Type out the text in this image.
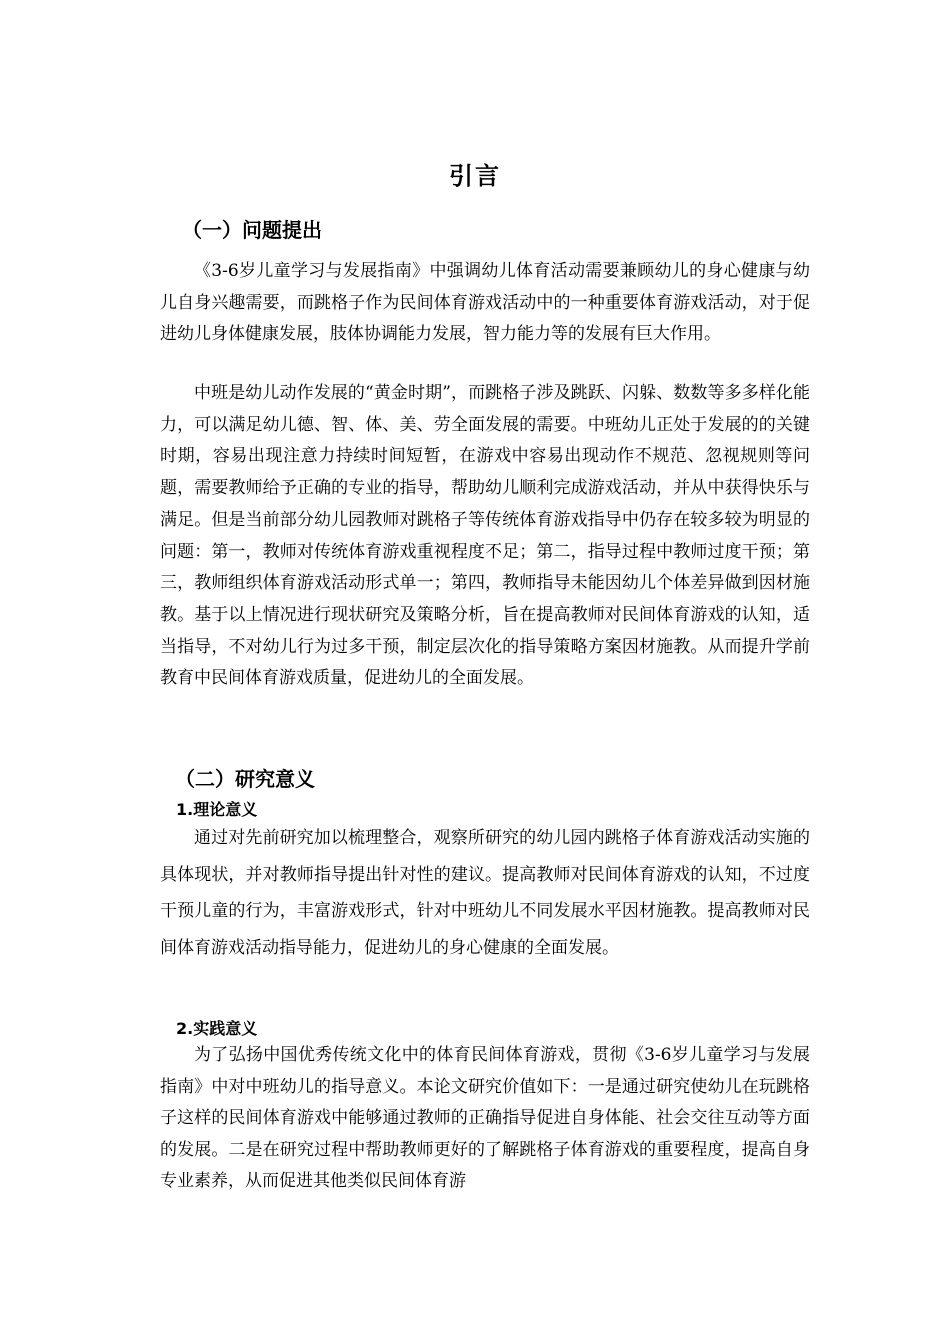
引言
（一）问题提出

《3-6岁儿童学习与发展指南》中强调幼儿体育活动需要兼顾幼儿的身心健康与幼儿自身兴趣需要，而跳格子作为民间体育游戏活动中的一种重要体育游戏活动，对于促进幼儿身体健康发展，肢体协调能力发展，智力能力等的发展有巨大作用。

中班是幼儿动作发展的“黄金时期”，而跳格子涉及跳跃、闪躲、数数等多多样化能力，可以满足幼儿德、智、体、美、劳全面发展的需要。中班幼儿正处于发展的的关键时期，容易出现注意力持续时间短暂，在游戏中容易出现动作不规范、忽视规则等问题，需要教师给予正确的专业的指导，帮助幼儿顺利完成游戏活动，并从中获得快乐与满足。但是当前部分幼儿园教师对跳格子等传统体育游戏指导中仍存在较多较为明显的问题：第一，教师对传统体育游戏重视程度不足；第二，指导过程中教师过度干预；第三，教师组织体育游戏活动形式单一；第四，教师指导未能因幼儿个体差异做到因材施教。基于以上情况进行现状研究及策略分析，旨在提高教师对民间体育游戏的认知，适当指导，不对幼儿行为过多干预，制定层次化的指导策略方案因材施教。从而提升学前教育中民间体育游戏质量，促进幼儿的全面发展。

（二）研究意义
1.理论意义

通过对先前研究加以梳理整合，观察所研究的幼儿园内跳格子体育游戏活动实施的具体现状，并对教师指导提出针对性的建议。提高教师对民间体育游戏的认知，不过度干预儿童的行为，丰富游戏形式，针对中班幼儿不同发展水平因材施教。提高教师对民间体育游戏活动指导能力，促进幼儿的身心健康的全面发展。

2.实践意义

为了弘扬中国优秀传统文化中的体育民间体育游戏，贯彻《3-6岁儿童学习与发展指南》中对中班幼儿的指导意义。本论文研究价值如下：一是通过研究使幼儿在玩跳格子这样的民间体育游戏中能够通过教师的正确指导促进自身体能、社会交往互动等方面的发展。二是在研究过程中帮助教师更好的了解跳格子体育游戏的重要程度，提高自身专业素养，从而促进其他类似民间体育游
